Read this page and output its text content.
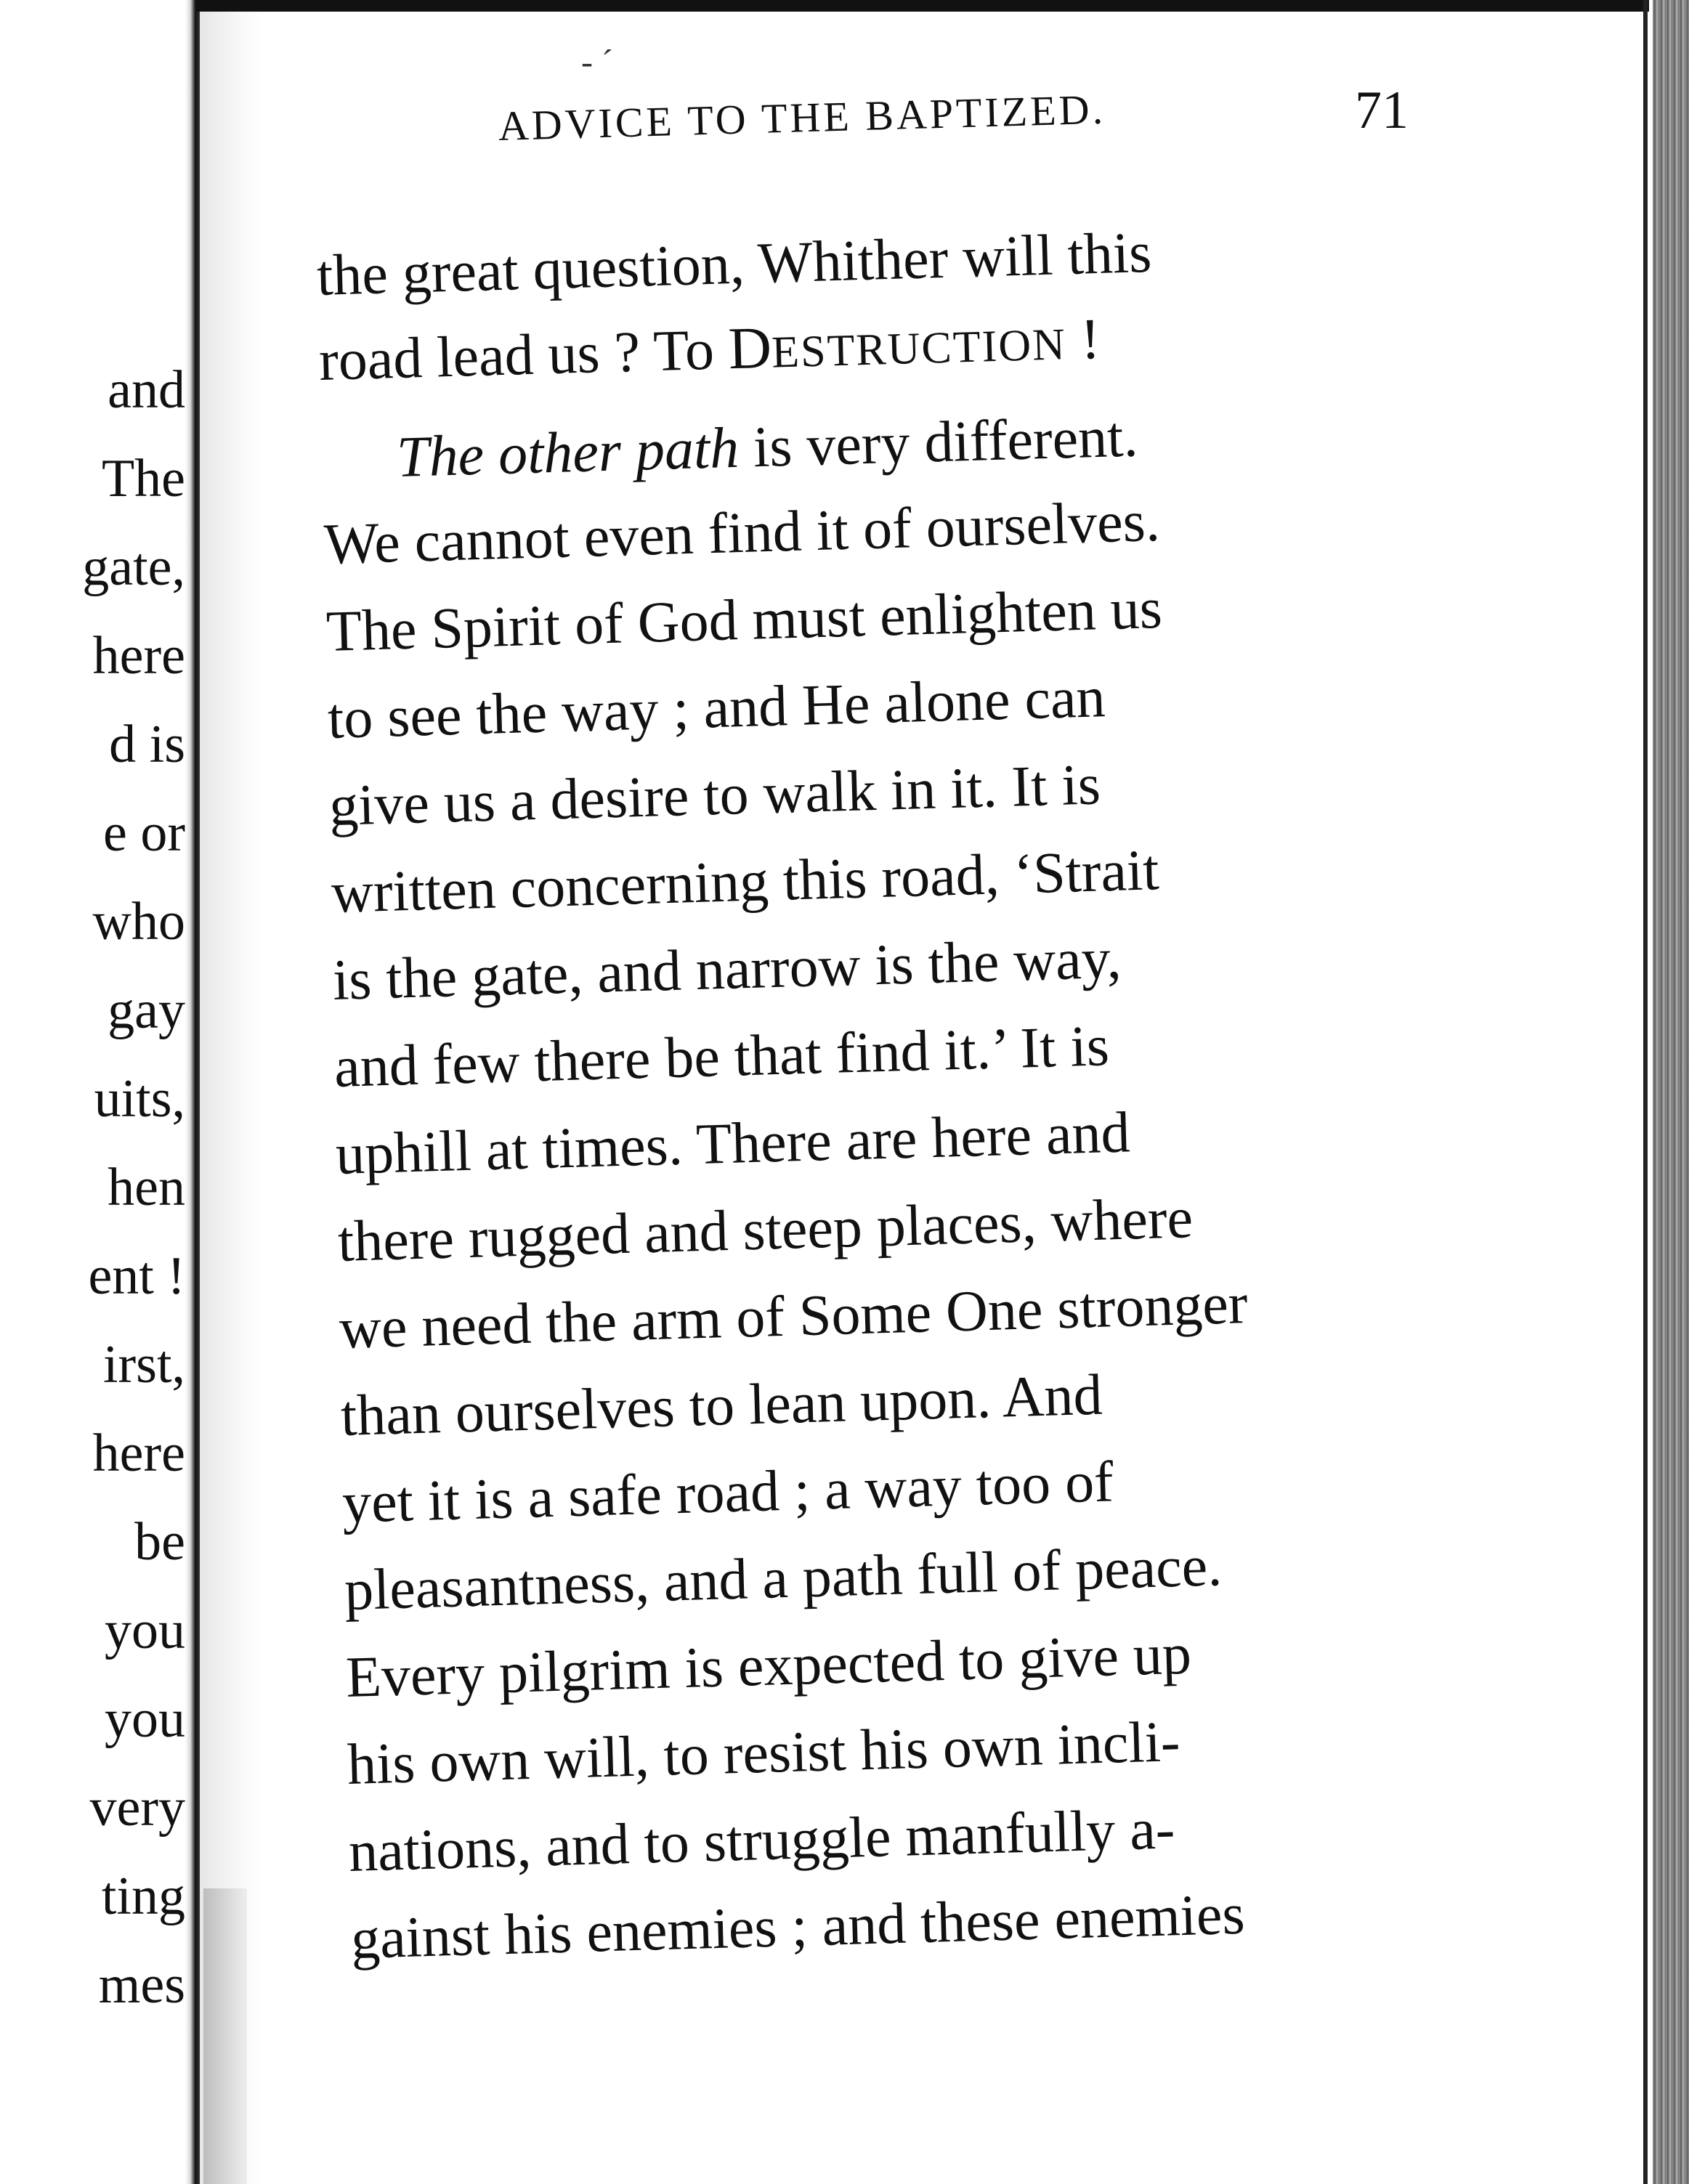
and
The
gate,
here
d is
e or
who
gay
uits,
hen
ent !
irst,
here
be
you
you
very
ting
mes
- ˊ
ADVICE TO THE BAPTIZED.	71
the great question, Whither will this
road lead us ? To DESTRUCTION !
The other path is very different.
We cannot even find it of ourselves.
The Spirit of God must enlighten us
to see the way ; and He alone can
give us a desire to walk in it. It is
written concerning this road, ‘Strait
is the gate, and narrow is the way,
and few there be that find it.’ It is
uphill at times. There are here and
there rugged and steep places, where
we need the arm of Some One stronger
than ourselves to lean upon. And
yet it is a safe road ; a way too of
pleasantness, and a path full of peace.
Every pilgrim is expected to give up
his own will, to resist his own incli-
nations, and to struggle manfully a-
gainst his enemies ; and these enemies
